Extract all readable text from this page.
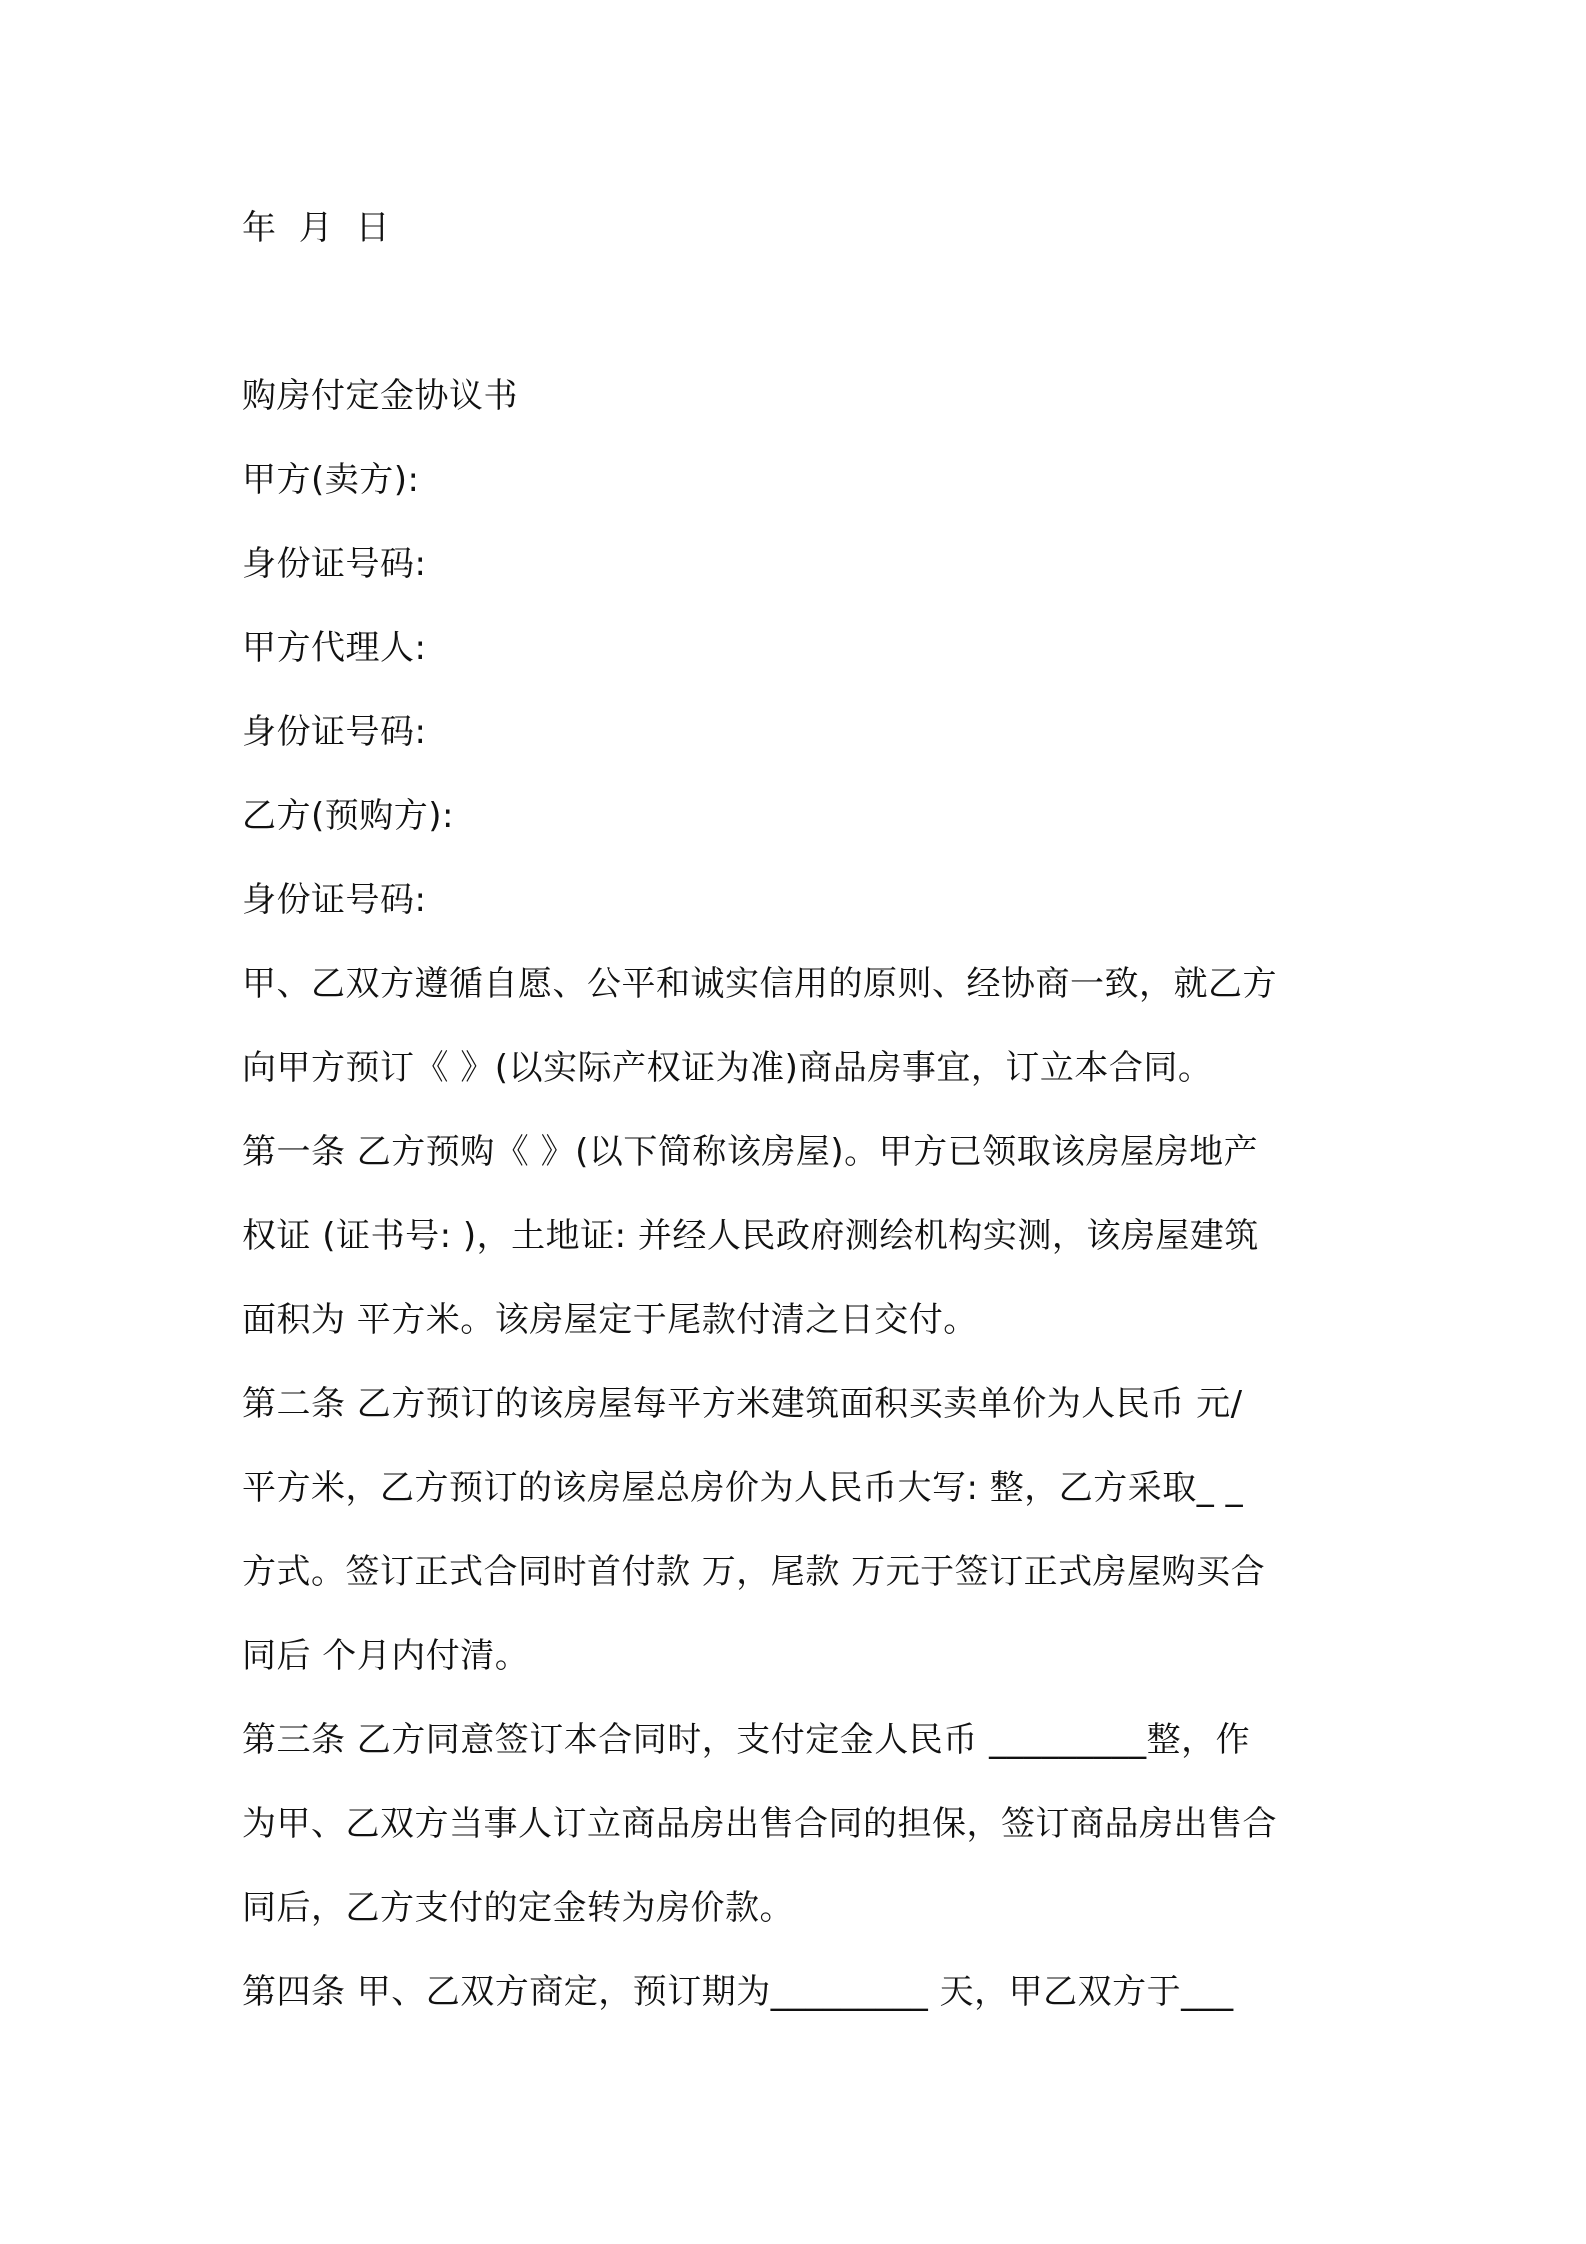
年 月 日
购房付定金协议书
甲方(卖方):
身份证号码:
甲方代理人:
身份证号码:
乙方(预购方):
身份证号码:
甲、乙双方遵循自愿、公平和诚实信用的原则、经协商一致，就乙方
向甲方预订《 》(以实际产权证为准)商品房事宜，订立本合同。
第一条 乙方预购《 》(以下简称该房屋)。甲方已领取该房屋房地产
权证 (证书号: )，土地证: 并经人民政府测绘机构实测，该房屋建筑
面积为 平方米。该房屋定于尾款付清之日交付。
第二条 乙方预订的该房屋每平方米建筑面积买卖单价为人民币 元/
平方米，乙方预订的该房屋总房价为人民币大写: 整，乙方采取_ _
方式。签订正式合同时首付款 万，尾款 万元于签订正式房屋购买合
同后 个月内付清。
第三条 乙方同意签订本合同时，支付定金人民币 _________整，作
为甲、乙双方当事人订立商品房出售合同的担保，签订商品房出售合
同后，乙方支付的定金转为房价款。
第四条 甲、乙双方商定，预订期为_________ 天，甲乙双方于___
